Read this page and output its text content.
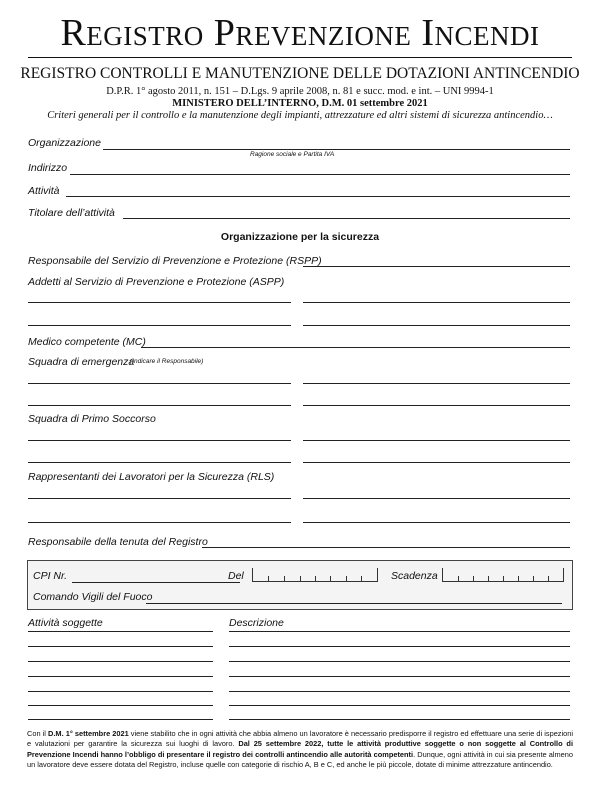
Registro Prevenzione Incendi
REGISTRO CONTROLLI E MANUTENZIONE DELLE DOTAZIONI ANTINCENDIO
D.P.R. 1° agosto 2011, n. 151 – D.Lgs. 9 aprile 2008, n. 81 e succ. mod. e int. – UNI 9994-1
MINISTERO DELL’INTERNO, D.M. 01 settembre 2021
Criteri generali per il controllo e la manutenzione degli impianti, attrezzature ed altri sistemi di sicurezza antincendio…
Organizzazione
Ragione sociale e Partita IVA
Indirizzo
Attività
Titolare dell’attività
Organizzazione per la sicurezza
Responsabile del Servizio di Prevenzione e Protezione (RSPP)
Addetti al Servizio di Prevenzione e Protezione (ASPP)
Medico competente (MC)
Squadra di emergenza
(Indicare il Responsabile)
Squadra di Primo Soccorso
Rappresentanti dei Lavoratori per la Sicurezza (RLS)
Responsabile della tenuta del Registro
CPI Nr.	Del	Scadenza
Comando Vigili del Fuoco
Attività soggette	Descrizione
Con il D.M. 1° settembre 2021 viene stabilito che in ogni attività che abbia almeno un lavoratore è necessario predisporre il registro ed effettuare una serie di ispezioni e valutazioni per garantire la sicurezza sui luoghi di lavoro. Dal 25 settembre 2022, tutte le attività produttive soggette o non soggette al Controllo di Prevenzione Incendi hanno l’obbligo di presentare il registro dei controlli antincendio alle autorità competenti. Dunque, ogni attività in cui sia presente almeno un lavoratore deve essere dotata del Registro, incluse quelle con categorie di rischio A, B e C, ed anche le più piccole, dotate di minime attrezzature antincendio.
